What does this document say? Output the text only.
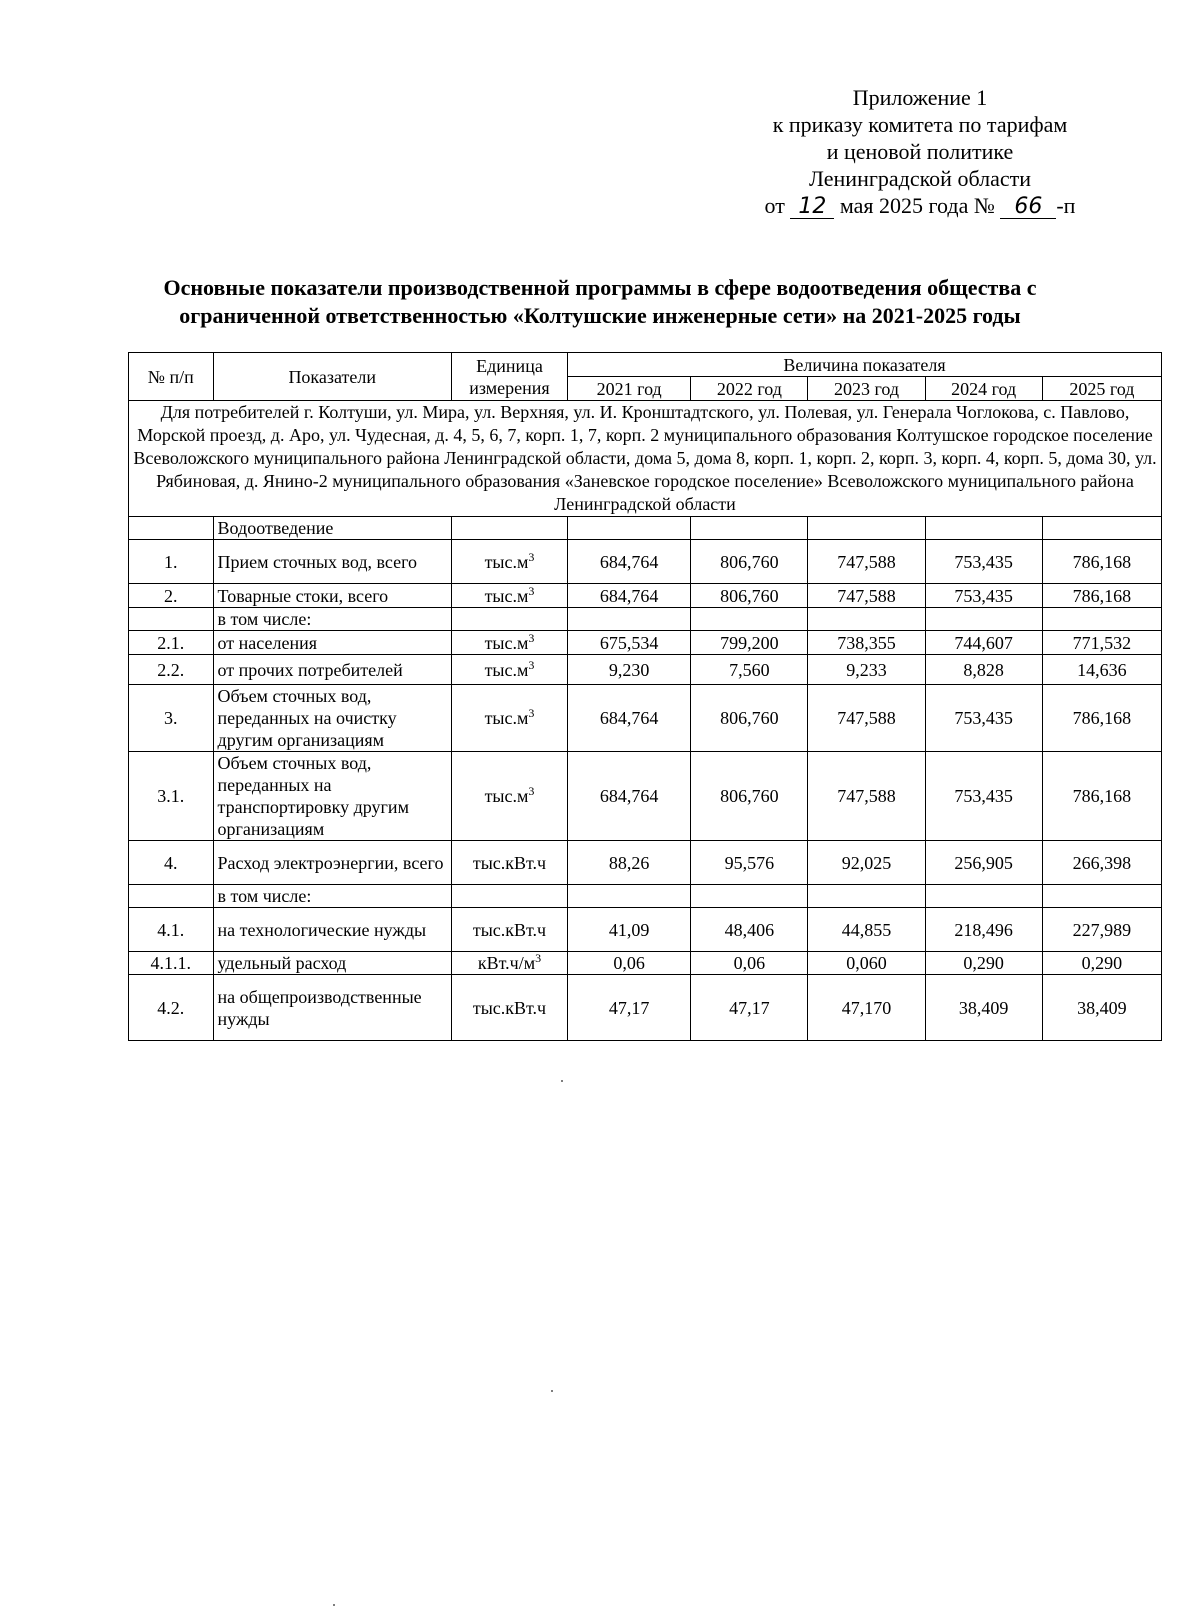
Приложение 1
к приказу комитета по тарифам
и ценовой политике
Ленинградской области
от 12 мая 2025 года № 66 -п
Основные показатели производственной программы в сфере водоотведения общества с
ограниченной ответственностью «Колтушские инженерные сети» на 2021-2025 годы
№ п/п	Показатели	Единица измерения	Величина показателя				
			2021 год	2022 год	2023 год	2024 год	2025 год
Для потребителей г. Колтуши, ул. Мира, ул. Верхняя, ул. И. Кронштадтского, ул. Полевая, ул. Генерала Чоглокова, с. Павлово, Морской проезд, д. Аро, ул. Чудесная, д. 4, 5, 6, 7, корп. 1, 7, корп. 2 муниципального образования Колтушское городское поселение Всеволожского муниципального района Ленинградской области, дома 5, дома 8, корп. 1, корп. 2, корп. 3, корп. 4, корп. 5, дома 30, ул. Рябиновая, д. Янино-2 муниципального образования «Заневское городское поселение» Всеволожского муниципального района Ленинградской области							
	Водоотведение						
1.	Прием сточных вод, всего	$тыс.м^3$	684,764	806,760	747,588	753,435	786,168
2.	Товарные стоки, всего	$тыс.м^3$	684,764	806,760	747,588	753,435	786,168
	в том числе:						
2.1.	от населения	$тыс.м^3$	675,534	799,200	738,355	744,607	771,532
2.2.	от прочих потребителей	$тыс.м^3$	9,230	7,560	9,233	8,828	14,636
3.	Объем сточных вод, переданных на очистку другим организациям	$тыс.м^3$	684,764	806,760	747,588	753,435	786,168
3.1.	Объем сточных вод, переданных на транспортировку другим организациям	$тыс.м^3$	684,764	806,760	747,588	753,435	786,168
4.	Расход электроэнергии, всего	тыс.кВт.ч	88,26	95,576	92,025	256,905	266,398
	в том числе:						
4.1.	на технологические нужды	тыс.кВт.ч	41,09	48,406	44,855	218,496	227,989
4.1.1.	удельный расход	$кВт.ч/м^3$	0,06	0,06	0,060	0,290	0,290
4.2.	на общепроизводственные нужды	тыс.кВт.ч	47,17	47,17	47,170	38,409	38,409
